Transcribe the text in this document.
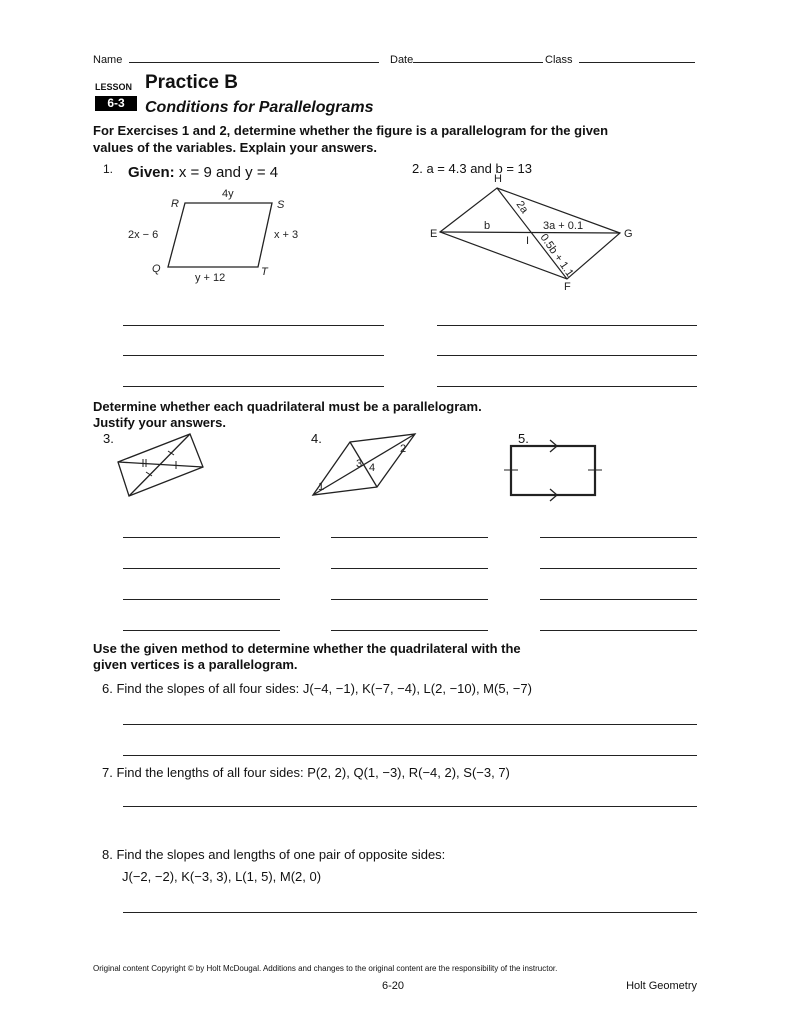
Name	Date	Class
LESSON
6-3
Practice B
Conditions for Parallelograms
For Exercises 1 and 2, determine whether the figure is a parallelogram for the given values of the variables. Explain your answers.
1. Given: x = 9 and y = 4	2. a = 4.3 and b = 13
R	S
T
Q
4y
2x − 6	x + 3
y + 12
H
E	G
F
I
b	3a + 0.1
2a
0.5b + 1.1
1
2
3 4
Determine whether each quadrilateral must be a parallelogram.
Justify your answers.
3.	4.	5.
Use the given method to determine whether the quadrilateral with the
given vertices is a parallelogram.
6. Find the slopes of all four sides: J(−4, −1), K(−7, −4), L(2, −10), M(5, −7)
7. Find the lengths of all four sides: P(2, 2), Q(1, −3), R(−4, 2), S(−3, 7)
8. Find the slopes and lengths of one pair of opposite sides:
J(−2, −2), K(−3, 3), L(1, 5), M(2, 0)
Original content Copyright © by Holt McDougal. Additions and changes to the original content are the responsibility of the instructor.
6-20	Holt Geometry
